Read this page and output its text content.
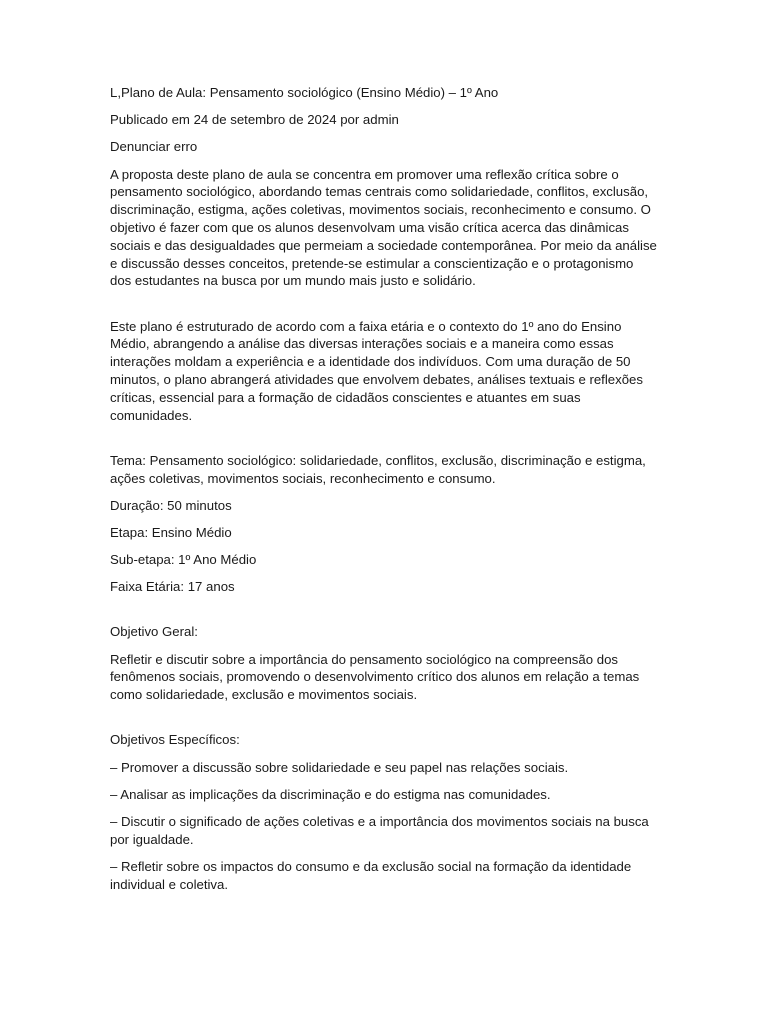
L,Plano de Aula: Pensamento sociológico (Ensino Médio) – 1º Ano

Publicado em 24 de setembro de 2024 por admin

Denunciar erro

A proposta deste plano de aula se concentra em promover uma reflexão crítica sobre o pensamento sociológico, abordando temas centrais como solidariedade, conflitos, exclusão, discriminação, estigma, ações coletivas, movimentos sociais, reconhecimento e consumo. O objetivo é fazer com que os alunos desenvolvam uma visão crítica acerca das dinâmicas sociais e das desigualdades que permeiam a sociedade contemporânea. Por meio da análise e discussão desses conceitos, pretende-se estimular a conscientização e o protagonismo dos estudantes na busca por um mundo mais justo e solidário.

Este plano é estruturado de acordo com a faixa etária e o contexto do 1º ano do Ensino Médio, abrangendo a análise das diversas interações sociais e a maneira como essas interações moldam a experiência e a identidade dos indivíduos. Com uma duração de 50 minutos, o plano abrangerá atividades que envolvem debates, análises textuais e reflexões críticas, essencial para a formação de cidadãos conscientes e atuantes em suas comunidades.

Tema: Pensamento sociológico: solidariedade, conflitos, exclusão, discriminação e estigma, ações coletivas, movimentos sociais, reconhecimento e consumo.

Duração: 50 minutos

Etapa: Ensino Médio

Sub-etapa: 1º Ano Médio

Faixa Etária: 17 anos

Objetivo Geral:

Refletir e discutir sobre a importância do pensamento sociológico na compreensão dos fenômenos sociais, promovendo o desenvolvimento crítico dos alunos em relação a temas como solidariedade, exclusão e movimentos sociais.

Objetivos Específicos:

– Promover a discussão sobre solidariedade e seu papel nas relações sociais.

– Analisar as implicações da discriminação e do estigma nas comunidades.

– Discutir o significado de ações coletivas e a importância dos movimentos sociais na busca por igualdade.

– Refletir sobre os impactos do consumo e da exclusão social na formação da identidade individual e coletiva.
